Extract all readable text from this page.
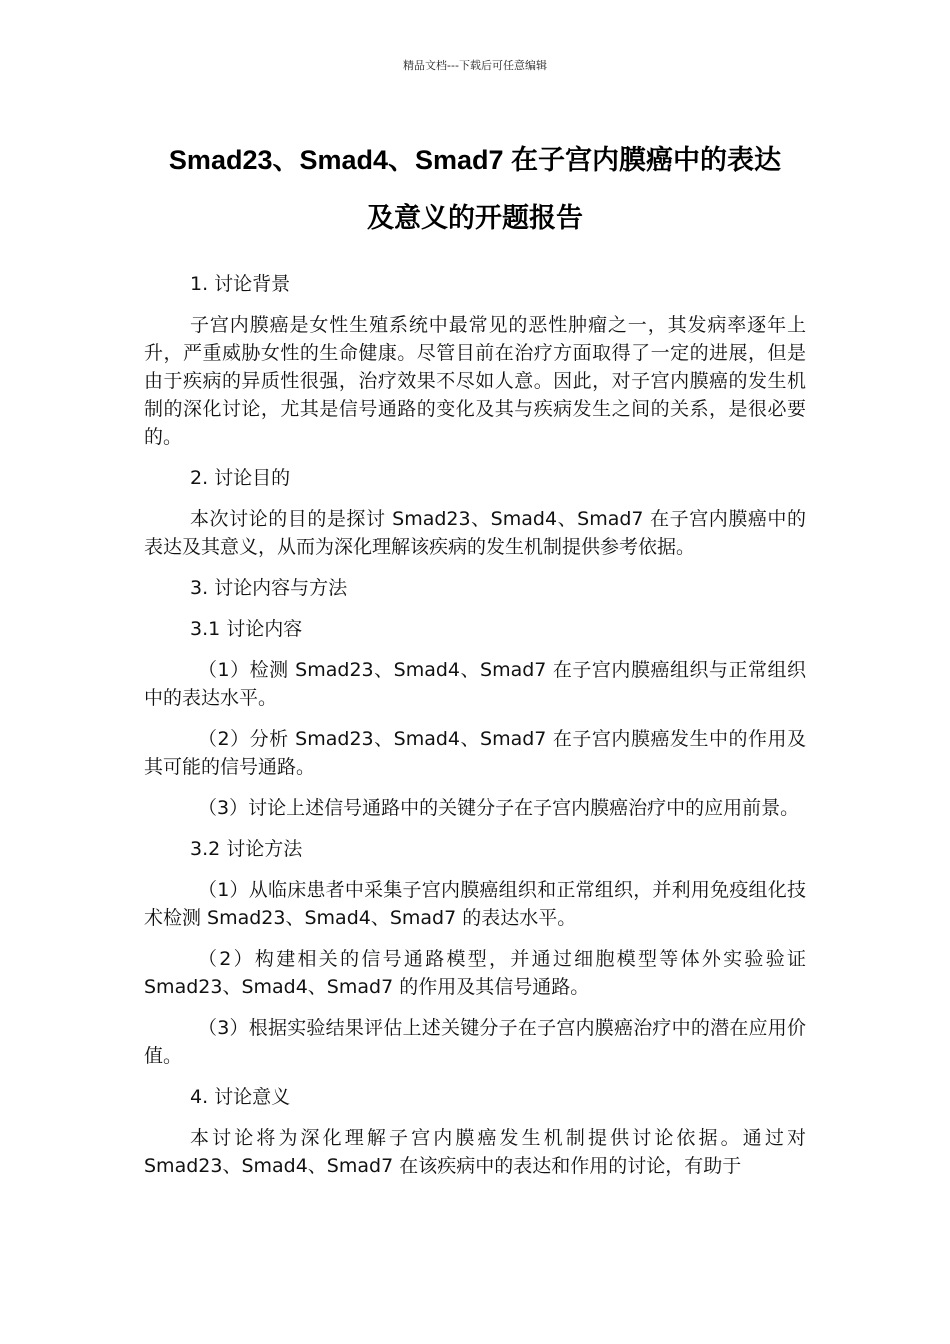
精品文档---下载后可任意编辑
Smad23、Smad4、Smad7 在子宫内膜癌中的表达
及意义的开题报告

1. 讨论背景

子宫内膜癌是女性生殖系统中最常见的恶性肿瘤之一，其发病率逐年上升，严重威胁女性的生命健康。尽管目前在治疗方面取得了一定的进展，但是由于疾病的异质性很强，治疗效果不尽如人意。因此，对子宫内膜癌的发生机制的深化讨论，尤其是信号通路的变化及其与疾病发生之间的关系，是很必要的。

2. 讨论目的

本次讨论的目的是探讨 Smad23、Smad4、Smad7 在子宫内膜癌中的表达及其意义，从而为深化理解该疾病的发生机制提供参考依据。

3. 讨论内容与方法

3.1 讨论内容

（1）检测 Smad23、Smad4、Smad7 在子宫内膜癌组织与正常组织中的表达水平。

（2）分析 Smad23、Smad4、Smad7 在子宫内膜癌发生中的作用及其可能的信号通路。

（3）讨论上述信号通路中的关键分子在子宫内膜癌治疗中的应用前景。

3.2 讨论方法

（1）从临床患者中采集子宫内膜癌组织和正常组织，并利用免疫组化技术检测 Smad23、Smad4、Smad7 的表达水平。

（2）构建相关的信号通路模型，并通过细胞模型等体外实验验证 Smad23、Smad4、Smad7 的作用及其信号通路。

（3）根据实验结果评估上述关键分子在子宫内膜癌治疗中的潜在应用价值。

4. 讨论意义

本讨论将为深化理解子宫内膜癌发生机制提供讨论依据。通过对 Smad23、Smad4、Smad7 在该疾病中的表达和作用的讨论，有助于
